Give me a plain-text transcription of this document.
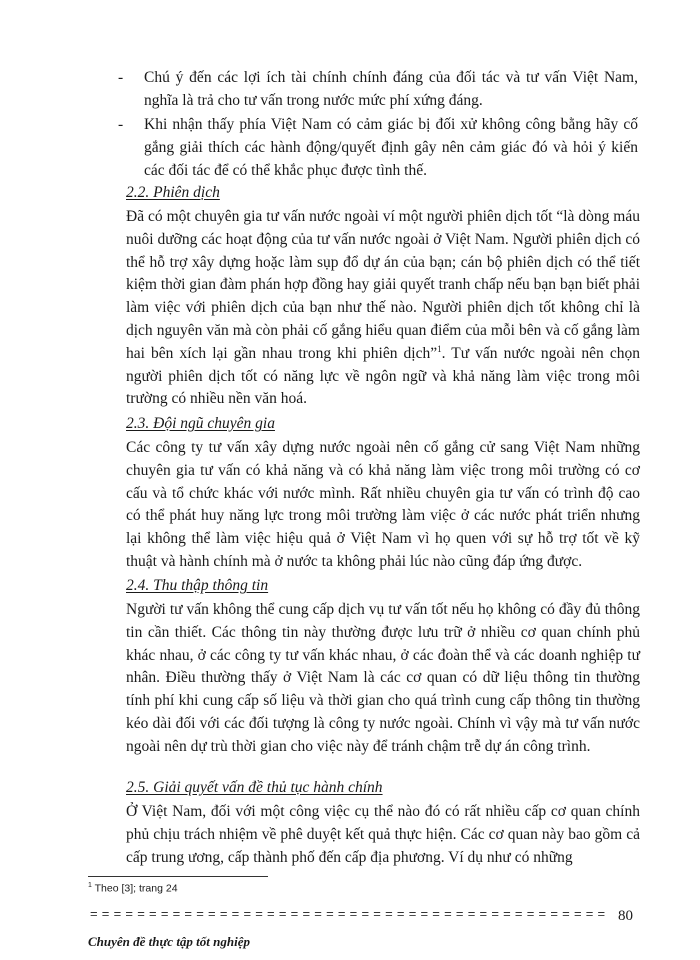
- Chú ý đến các lợi ích tài chính chính đáng của đối tác và tư vấn Việt Nam, nghĩa là trả cho tư vấn trong nước mức phí xứng đáng.
- Khi nhận thấy phía Việt Nam có cảm giác bị đối xử không công bằng hãy cố gắng giải thích các hành động/quyết định gây nên cảm giác đó và hỏi ý kiến các đối tác để có thể khắc phục được tình thế.
2.2. Phiên dịch
Đã có một chuyên gia tư vấn nước ngoài ví một người phiên dịch tốt “là dòng máu nuôi dưỡng các hoạt động của tư vấn nước ngoài ở Việt Nam. Người phiên dịch có thể hỗ trợ xây dựng hoặc làm sụp đổ dự án của bạn; cán bộ phiên dịch có thể tiết kiệm thời gian đàm phán hợp đồng hay giải quyết tranh chấp nếu bạn bạn biết phải làm việc với phiên dịch của bạn như thế nào. Người phiên dịch tốt không chỉ là dịch nguyên văn mà còn phải cố gắng hiểu quan điểm của mỗi bên và cố gắng làm hai bên xích lại gần nhau trong khi phiên dịch”$^1$. Tư vấn nước ngoài nên chọn người phiên dịch tốt có năng lực về ngôn ngữ và khả năng làm việc trong môi trường có nhiều nền văn hoá.
2.3. Đội ngũ chuyên gia
Các công ty tư vấn xây dựng nước ngoài nên cố gắng cử sang Việt Nam những chuyên gia tư vấn có khả năng và có khả năng làm việc trong môi trường có cơ cấu và tổ chức khác với nước mình. Rất nhiều chuyên gia tư vấn có trình độ cao có thể phát huy năng lực trong môi trường làm việc ở các nước phát triển nhưng lại không thể làm việc hiệu quả ở Việt Nam vì họ quen với sự hỗ trợ tốt về kỹ thuật và hành chính mà ở nước ta không phải lúc nào cũng đáp ứng được.
2.4. Thu thập thông tin
Người tư vấn không thể cung cấp dịch vụ tư vấn tốt nếu họ không có đầy đủ thông tin cần thiết. Các thông tin này thường được lưu trữ ở nhiều cơ quan chính phủ khác nhau, ở các công ty tư vấn khác nhau, ở các đoàn thể và các doanh nghiệp tư nhân. Điều thường thấy ở Việt Nam là các cơ quan có dữ liệu thông tin thường tính phí khi cung cấp số liệu và thời gian cho quá trình cung cấp thông tin thường kéo dài đối với các đối tượng là công ty nước ngoài. Chính vì vậy mà tư vấn nước ngoài nên dự trù thời gian cho việc này để tránh chậm trễ dự án công trình.
2.5. Giải quyết vấn đề thủ tục hành chính
Ở Việt Nam, đối với một công việc cụ thể nào đó có rất nhiều cấp cơ quan chính phủ chịu trách nhiệm về phê duyệt kết quả thực hiện. Các cơ quan này bao gồm cả cấp trung ương, cấp thành phố đến cấp địa phương. Ví dụ như có những
$^1$ Theo [3]; trang 24
= = = = = = = = = = = = = = = = = = = = = = = = = = = = = = = = = = = = = = = = = = = = 80
Chuyên đề thực tập tốt nghiệp
